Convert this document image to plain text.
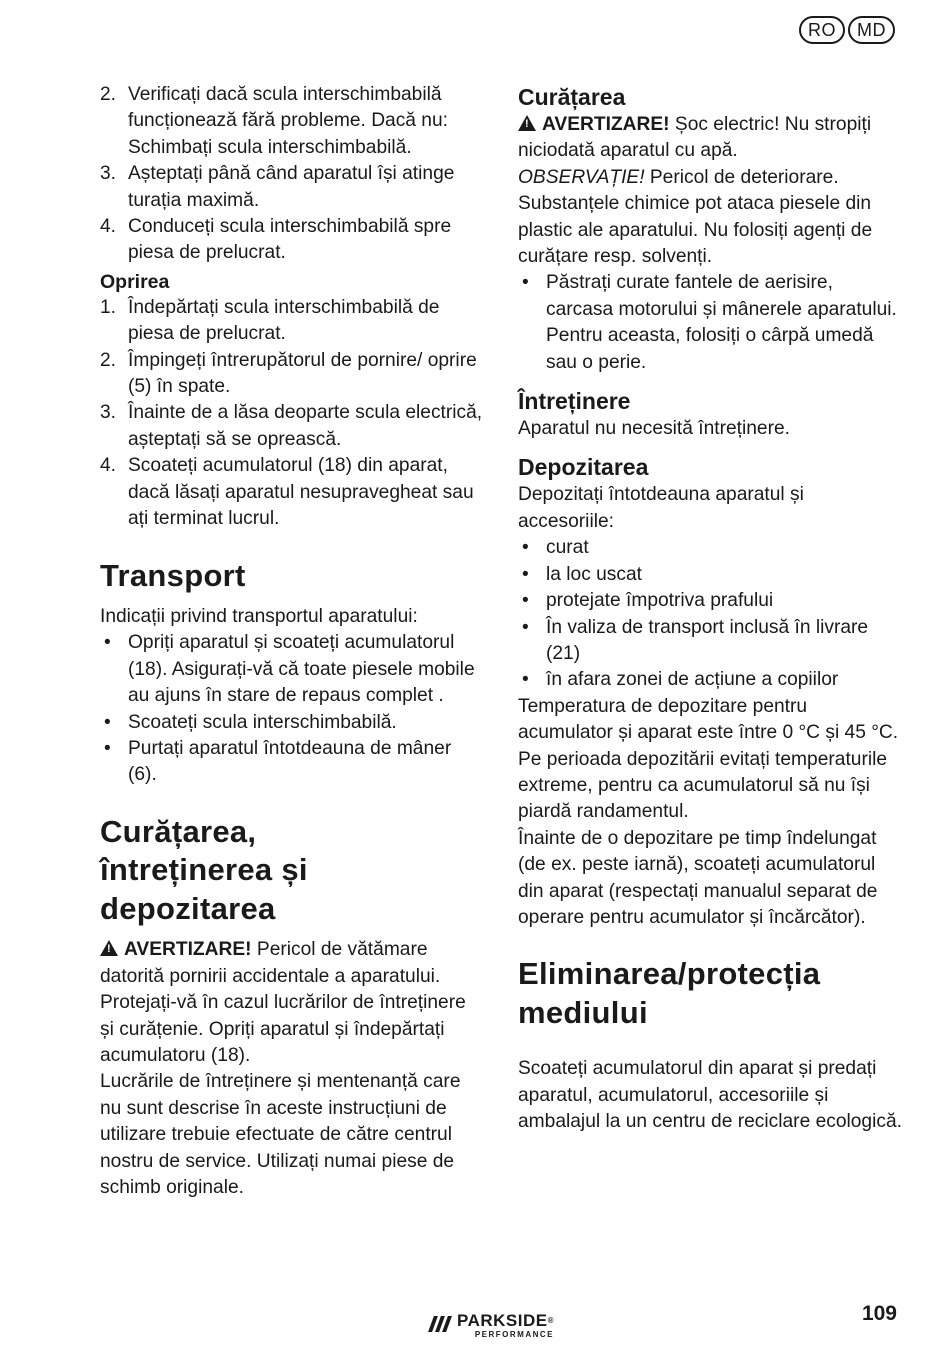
RO	MD
2. Verificați dacă scula interschimbabilă funcționează fără probleme. Dacă nu: Schimbați scula interschimbabilă.
3. Așteptați până când aparatul își atinge turația maximă.
4. Conduceți scula interschimbabilă spre piesa de prelucrat.
Oprirea
1. Îndepărtați scula interschimbabilă de piesa de prelucrat.
2. Împingeți întrerupătorul de pornire/ oprire (5) în spate.
3. Înainte de a lăsa deoparte scula electrică, așteptați să se oprească.
4. Scoateți acumulatorul (18) din aparat, dacă lăsați aparatul nesupravegheat sau ați terminat lucrul.
Transport

Indicații privind transportul aparatului:

• Opriți aparatul și scoateți acumulatorul (18). Asigurați-vă că toate piesele mobile au ajuns în stare de repaus complet .
• Scoateți scula interschimbabilă.
• Purtați aparatul întotdeauna de mâner (6).
Curățarea,
întreținerea și
depozitarea

!AVERTIZARE! Pericol de vătămare datorită pornirii accidentale a aparatului. Protejați-vă în cazul lucrărilor de întreținere și curățenie. Opriți aparatul și îndepărtați acumulatoru (18).

Lucrările de întreținere și mentenanță care nu sunt descrise în aceste instrucțiuni de utilizare trebuie efectuate de către centrul nostru de service. Utilizați numai piese de schimb originale.

Curățarea

!AVERTIZARE! Șoc electric! Nu stropiți niciodată aparatul cu apă.

OBSERVAȚIE! Pericol de deteriorare. Substanțele chimice pot ataca piesele din plastic ale aparatului. Nu folosiți agenți de curățare resp. solvenți.

• Păstrați curate fantele de aerisire, carcasa motorului și mânerele aparatului. Pentru aceasta, folosiți o cârpă umedă sau o perie.
Întreținere

Aparatul nu necesită întreținere.

Depozitarea

Depozitați întotdeauna aparatul și accesoriile:

• curat
• la loc uscat
• protejate împotriva prafului
• În valiza de transport inclusă în livrare (21)
• în afara zonei de acțiune a copiilor

Temperatura de depozitare pentru acumulator și aparat este între 0 °C și 45 °C. Pe perioada depozitării evitați temperaturile extreme, pentru ca acumulatorul să nu își piardă randamentul.

Înainte de o depozitare pe timp îndelungat (de ex. peste iarnă), scoateți acumulatorul din aparat (respectați manualul separat de operare pentru acumulator și încărcător).

Eliminarea/protecția
mediului

Scoateți acumulatorul din aparat și predați aparatul, acumulatorul, accesoriile și ambalajul la un centru de reciclare ecologică.

PARKSIDE®
PERFORMANCE
109
